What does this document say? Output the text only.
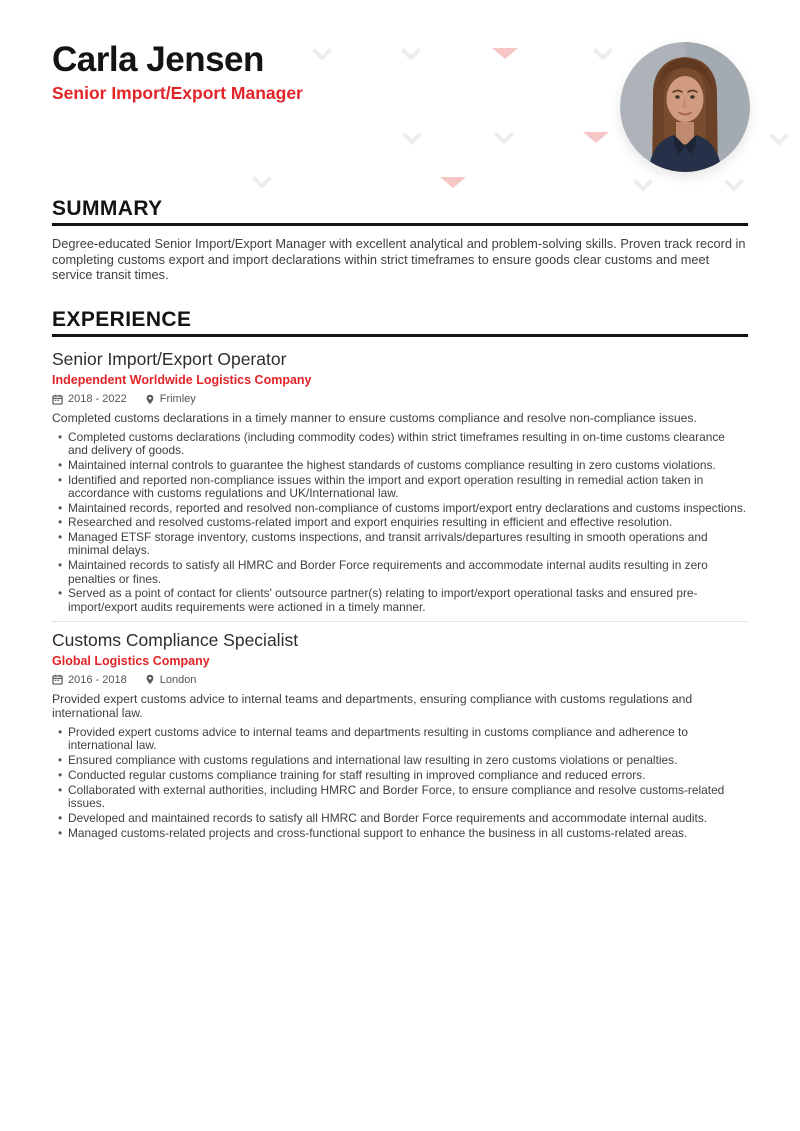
Carla Jensen
Senior Import/Export Manager
SUMMARY

Degree-educated Senior Import/Export Manager with excellent analytical and problem-solving skills. Proven track record in completing customs export and import declarations within strict timeframes to ensure goods clear customs and meet service transit times.

EXPERIENCE
Senior Import/Export Operator
Independent Worldwide Logistics Company
2018 - 2022	Frimley

Completed customs declarations in a timely manner to ensure customs compliance and resolve non-compliance issues.

• Completed customs declarations (including commodity codes) within strict timeframes resulting in on-time customs clearance and delivery of goods.
• Maintained internal controls to guarantee the highest standards of customs compliance resulting in zero customs violations.
• Identified and reported non-compliance issues within the import and export operation resulting in remedial action taken in accordance with customs regulations and UK/International law.
• Maintained records, reported and resolved non-compliance of customs import/export entry declarations and customs inspections.
• Researched and resolved customs-related import and export enquiries resulting in efficient and effective resolution.
• Managed ETSF storage inventory, customs inspections, and transit arrivals/departures resulting in smooth operations and minimal delays.
• Maintained records to satisfy all HMRC and Border Force requirements and accommodate internal audits resulting in zero penalties or fines.
• Served as a point of contact for clients' outsource partner(s) relating to import/export operational tasks and ensured pre-import/export audits requirements were actioned in a timely manner.
Customs Compliance Specialist
Global Logistics Company
2016 - 2018	London

Provided expert customs advice to internal teams and departments, ensuring compliance with customs regulations and international law.

• Provided expert customs advice to internal teams and departments resulting in customs compliance and adherence to international law.
• Ensured compliance with customs regulations and international law resulting in zero customs violations or penalties.
• Conducted regular customs compliance training for staff resulting in improved compliance and reduced errors.
• Collaborated with external authorities, including HMRC and Border Force, to ensure compliance and resolve customs-related issues.
• Developed and maintained records to satisfy all HMRC and Border Force requirements and accommodate internal audits.
• Managed customs-related projects and cross-functional support to enhance the business in all customs-related areas.
